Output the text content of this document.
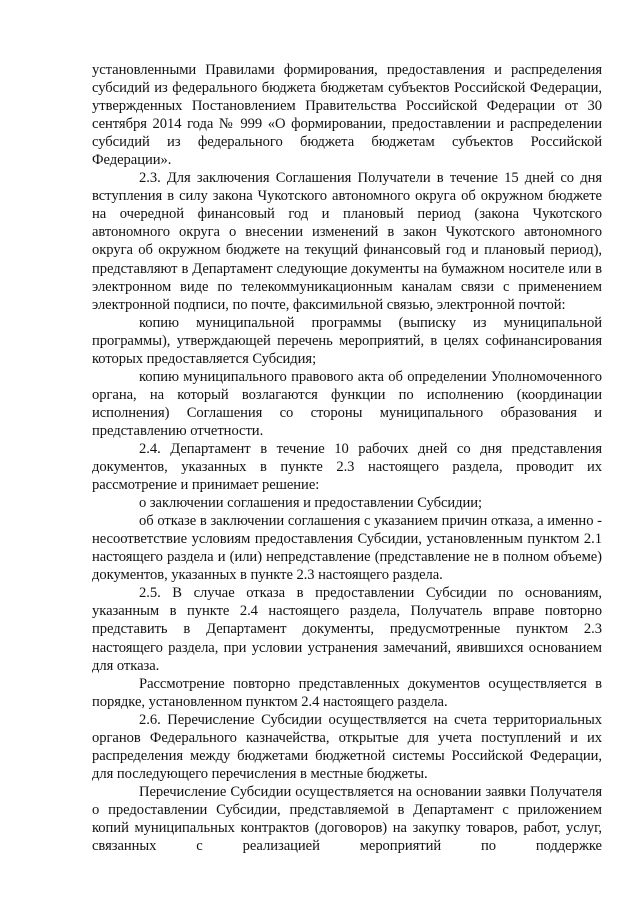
установленными Правилами формирования, предоставления и распределения субсидий из федерального бюджета бюджетам субъектов Российской Федерации, утвержденных Постановлением Правительства Российской Федерации от 30 сентября 2014 года № 999 «О формировании, предоставлении и распределении субсидий из федерального бюджета бюджетам субъектов Российской Федерации».

2.3. Для заключения Соглашения Получатели в течение 15 дней со дня вступления в силу закона Чукотского автономного округа об окружном бюджете на очередной финансовый год и плановый период (закона Чукотского автономного округа о внесении изменений в закон Чукотского автономного округа об окружном бюджете на текущий финансовый год и плановый период), представляют в Департамент следующие документы на бумажном носителе или в электронном виде по телекоммуникационным каналам связи с применением электронной подписи, по почте, факсимильной связью, электронной почтой:

копию муниципальной программы (выписку из муниципальной программы), утверждающей перечень мероприятий, в целях софинансирования которых предоставляется Субсидия;

копию муниципального правового акта об определении Уполномоченного органа, на который возлагаются функции по исполнению (координации исполнения) Соглашения со стороны муниципального образования и представлению отчетности.

2.4. Департамент в течение 10 рабочих дней со дня представления документов, указанных в пункте 2.3 настоящего раздела, проводит их рассмотрение и принимает решение:

о заключении соглашения и предоставлении Субсидии;

об отказе в заключении соглашения с указанием причин отказа, а именно - несоответствие условиям предоставления Субсидии, установленным пунктом 2.1 настоящего раздела и (или) непредставление (представление не в полном объеме) документов, указанных в пункте 2.3 настоящего раздела.

2.5. В случае отказа в предоставлении Субсидии по основаниям, указанным в пункте 2.4 настоящего раздела, Получатель вправе повторно представить в Департамент документы, предусмотренные пунктом 2.3 настоящего раздела, при условии устранения замечаний, явившихся основанием для отказа.

Рассмотрение повторно представленных документов осуществляется в порядке, установленном пунктом 2.4 настоящего раздела.

2.6. Перечисление Субсидии осуществляется на счета территориальных органов Федерального казначейства, открытые для учета поступлений и их распределения между бюджетами бюджетной системы Российской Федерации, для последующего перечисления в местные бюджеты.

Перечисление Субсидии осуществляется на основании заявки Получателя о предоставлении Субсидии, представляемой в Департамент с приложением копий муниципальных контрактов (договоров) на закупку товаров, работ, услуг, связанных с реализацией мероприятий по поддержке
